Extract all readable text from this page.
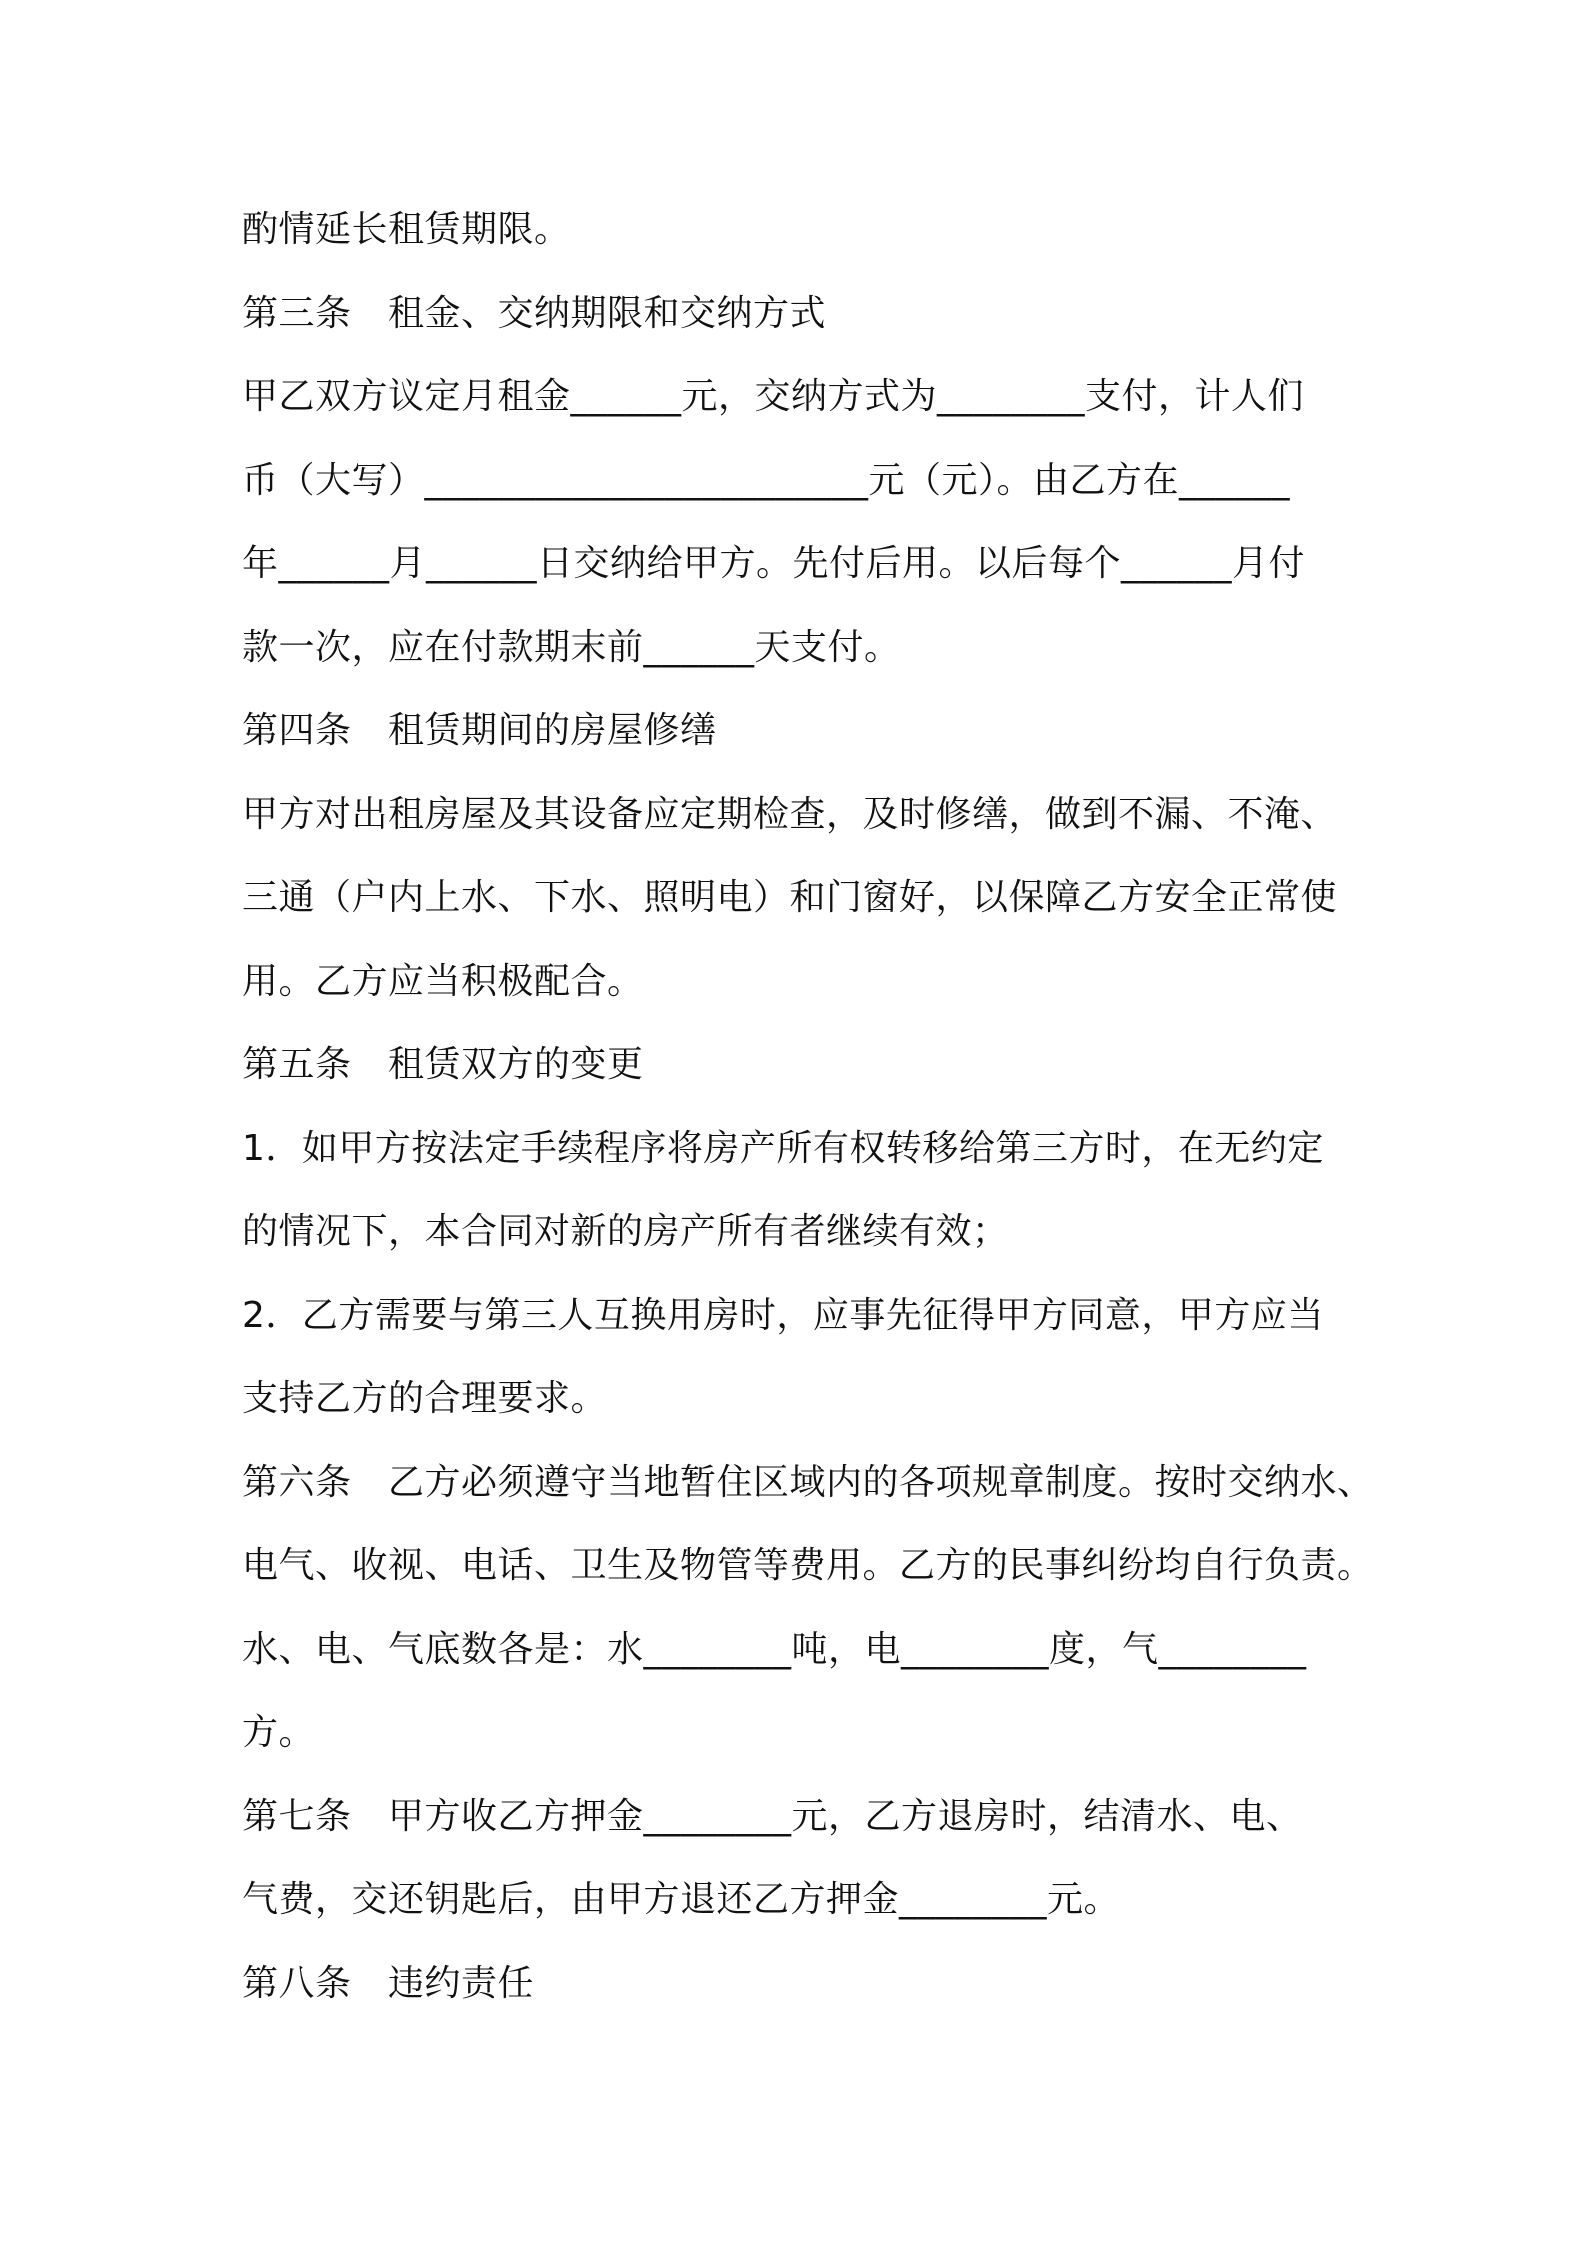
酌情延长租赁期限。
第三条　租金、交纳期限和交纳方式
甲乙双方议定月租金______元，交纳方式为________支付，计人们
币（大写）________________________元（元）。由乙方在______
年______月______日交纳给甲方。先付后用。以后每个______月付
款一次，应在付款期末前______天支付。
第四条　租赁期间的房屋修缮
甲方对出租房屋及其设备应定期检查，及时修缮，做到不漏、不淹、
三通（户内上水、下水、照明电）和门窗好，以保障乙方安全正常使
用。乙方应当积极配合。
第五条　租赁双方的变更
1．如甲方按法定手续程序将房产所有权转移给第三方时，在无约定
的情况下，本合同对新的房产所有者继续有效；
2．乙方需要与第三人互换用房时，应事先征得甲方同意，甲方应当
支持乙方的合理要求。
第六条　乙方必须遵守当地暂住区域内的各项规章制度。按时交纳水、
电气、收视、电话、卫生及物管等费用。乙方的民事纠纷均自行负责。
水、电、气底数各是：水________吨，电________度，气________
方。
第七条　甲方收乙方押金________元，乙方退房时，结清水、电、
气费，交还钥匙后，由甲方退还乙方押金________元。
第八条　违约责任
